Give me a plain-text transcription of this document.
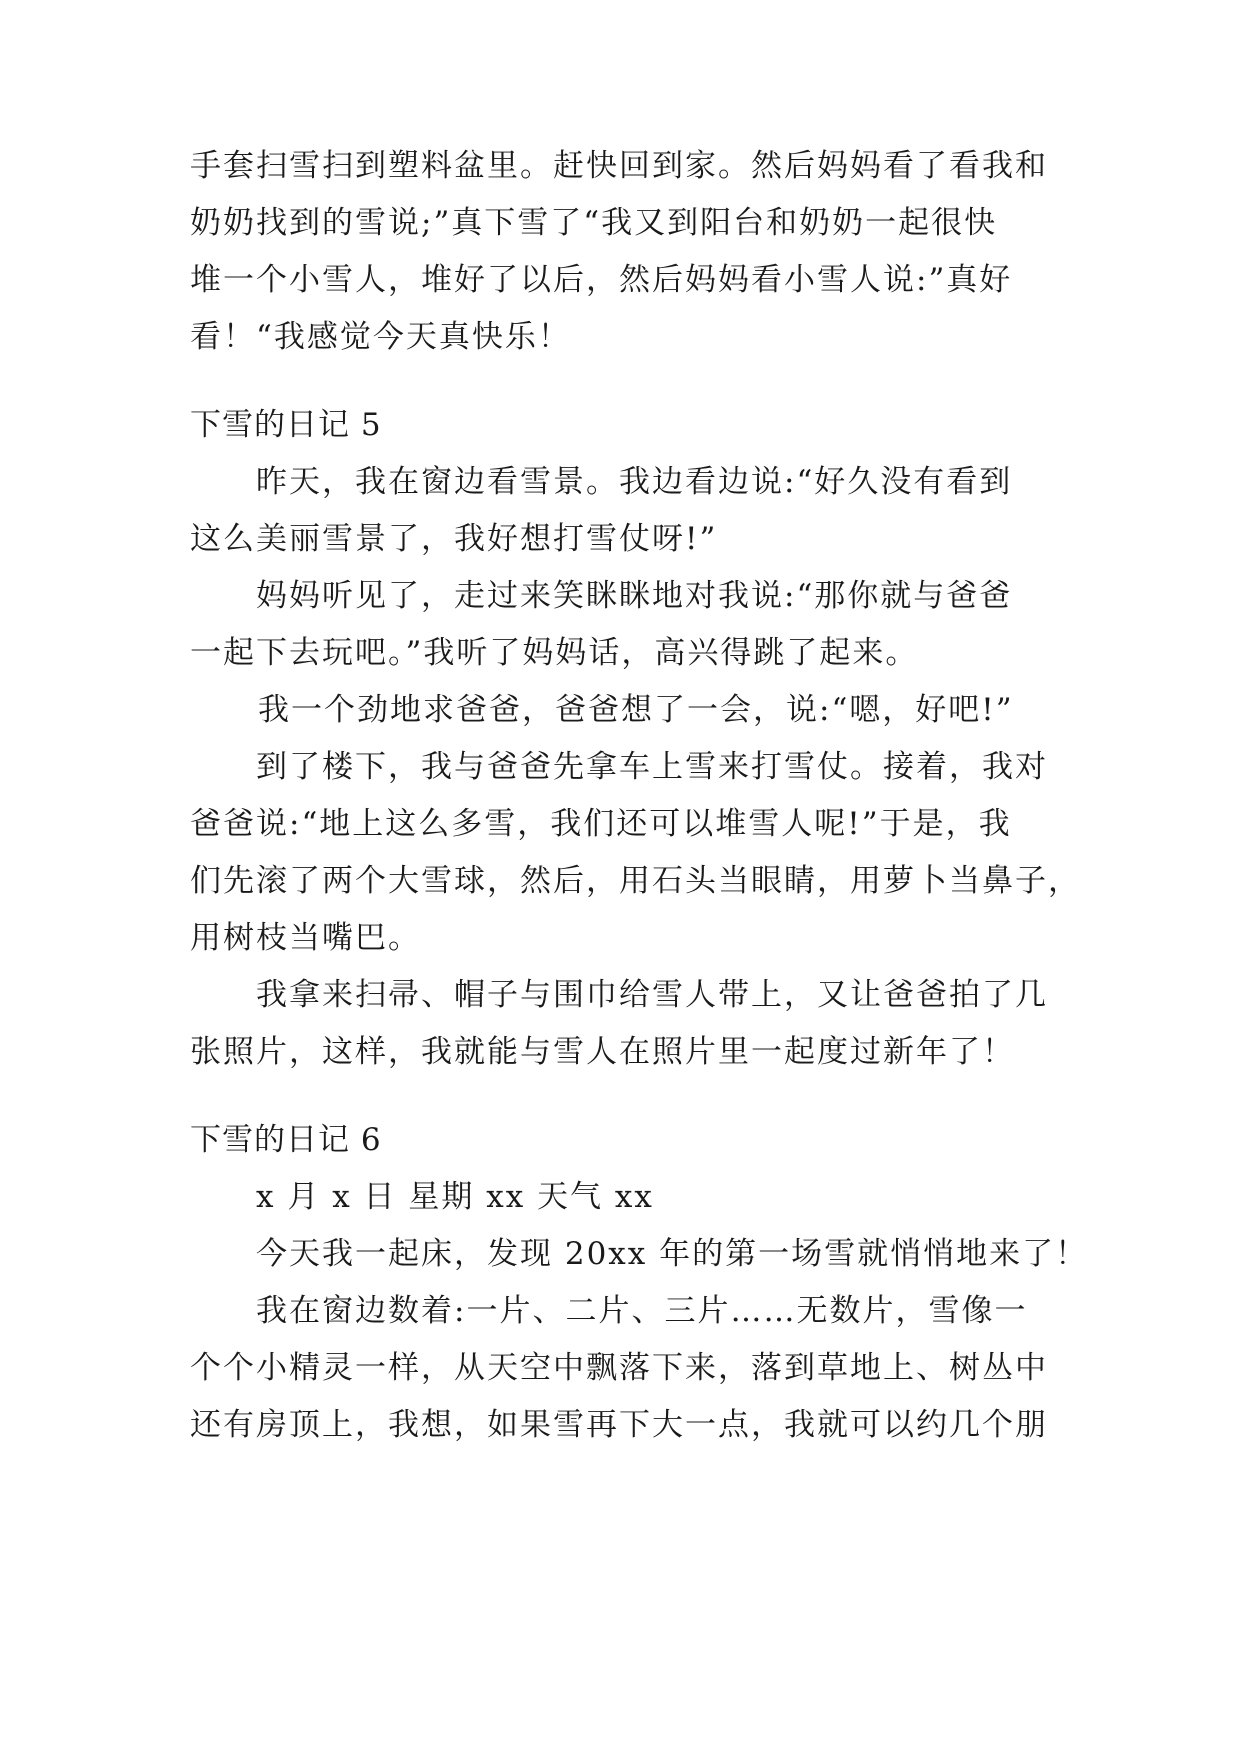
手套扫雪扫到塑料盆里。赶快回到家。然后妈妈看了看我和
奶奶找到的雪说;”真下雪了“我又到阳台和奶奶一起很快
堆一个小雪人，堆好了以后，然后妈妈看小雪人说:”真好
看！“我感觉今天真快乐！
下雪的日记 5
昨天，我在窗边看雪景。我边看边说:“好久没有看到
这么美丽雪景了，我好想打雪仗呀!”
妈妈听见了，走过来笑眯眯地对我说:“那你就与爸爸
一起下去玩吧。”我听了妈妈话，高兴得跳了起来。
我一个劲地求爸爸，爸爸想了一会，说:“嗯，好吧!”
到了楼下，我与爸爸先拿车上雪来打雪仗。接着，我对
爸爸说:“地上这么多雪，我们还可以堆雪人呢!”于是，我
们先滚了两个大雪球，然后，用石头当眼睛，用萝卜当鼻子，
用树枝当嘴巴。
我拿来扫帚、帽子与围巾给雪人带上，又让爸爸拍了几
张照片，这样，我就能与雪人在照片里一起度过新年了！
下雪的日记 6
x 月 x 日 星期 xx 天气 xx
今天我一起床，发现 20xx 年的第一场雪就悄悄地来了！
我在窗边数着:一片、二片、三片……无数片，雪像一
个个小精灵一样，从天空中飘落下来，落到草地上、树丛中
还有房顶上，我想，如果雪再下大一点，我就可以约几个朋
